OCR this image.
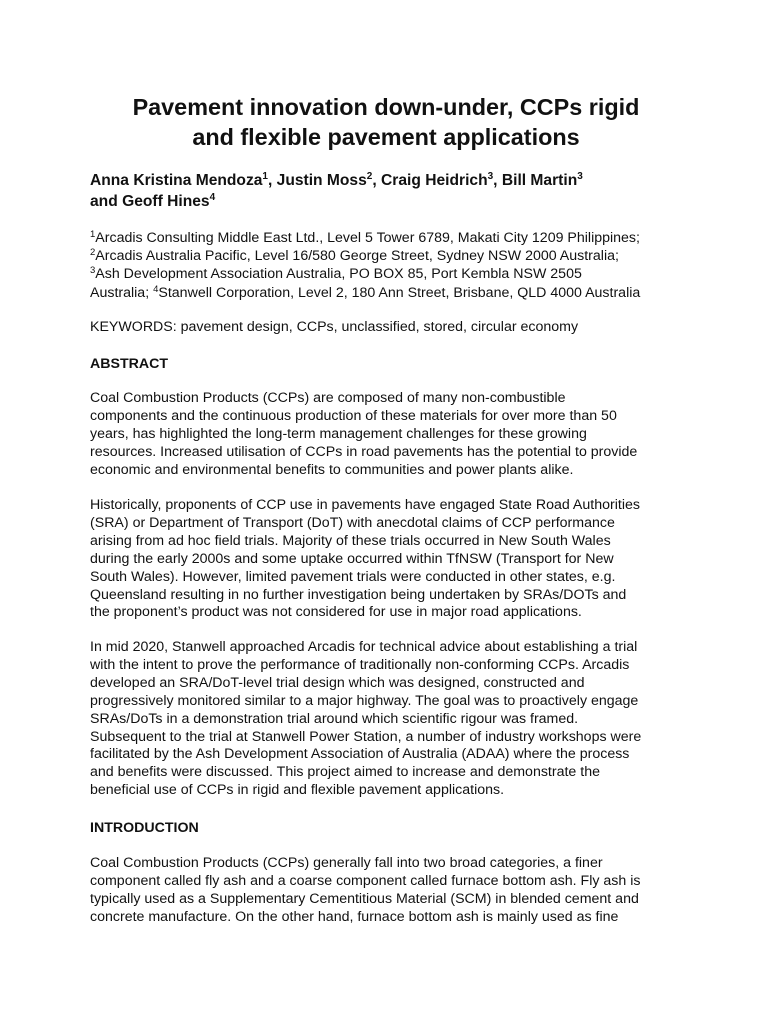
Pavement innovation down-under, CCPs rigid
and flexible pavement applications

Anna Kristina Mendoza$^1$, Justin Moss$^2$, Craig Heidrich$^3$, Bill Martin$^3$
and Geoff Hines$^4$

$^1$Arcadis Consulting Middle East Ltd., Level 5 Tower 6789, Makati City 1209 Philippines;
$^2$Arcadis Australia Pacific, Level 16/580 George Street, Sydney NSW 2000 Australia;
$^3$Ash Development Association Australia, PO BOX 85, Port Kembla NSW 2505
Australia; $^4$Stanwell Corporation, Level 2, 180 Ann Street, Brisbane, QLD 4000 Australia

KEYWORDS: pavement design, CCPs, unclassified, stored, circular economy

ABSTRACT
Coal Combustion Products (CCPs) are composed of many non-combustible
components and the continuous production of these materials for over more than 50
years, has highlighted the long-term management challenges for these growing
resources. Increased utilisation of CCPs in road pavements has the potential to provide
economic and environmental benefits to communities and power plants alike.
Historically, proponents of CCP use in pavements have engaged State Road Authorities
(SRA) or Department of Transport (DoT) with anecdotal claims of CCP performance
arising from ad hoc field trials. Majority of these trials occurred in New South Wales
during the early 2000s and some uptake occurred within TfNSW (Transport for New
South Wales). However, limited pavement trials were conducted in other states, e.g.
Queensland resulting in no further investigation being undertaken by SRAs/DOTs and
the proponent’s product was not considered for use in major road applications.
In mid 2020, Stanwell approached Arcadis for technical advice about establishing a trial
with the intent to prove the performance of traditionally non-conforming CCPs. Arcadis
developed an SRA/DoT-level trial design which was designed, constructed and
progressively monitored similar to a major highway. The goal was to proactively engage
SRAs/DoTs in a demonstration trial around which scientific rigour was framed.
Subsequent to the trial at Stanwell Power Station, a number of industry workshops were
facilitated by the Ash Development Association of Australia (ADAA) where the process
and benefits were discussed. This project aimed to increase and demonstrate the
beneficial use of CCPs in rigid and flexible pavement applications.
INTRODUCTION
Coal Combustion Products (CCPs) generally fall into two broad categories, a finer
component called fly ash and a coarse component called furnace bottom ash. Fly ash is
typically used as a Supplementary Cementitious Material (SCM) in blended cement and
concrete manufacture. On the other hand, furnace bottom ash is mainly used as fine
